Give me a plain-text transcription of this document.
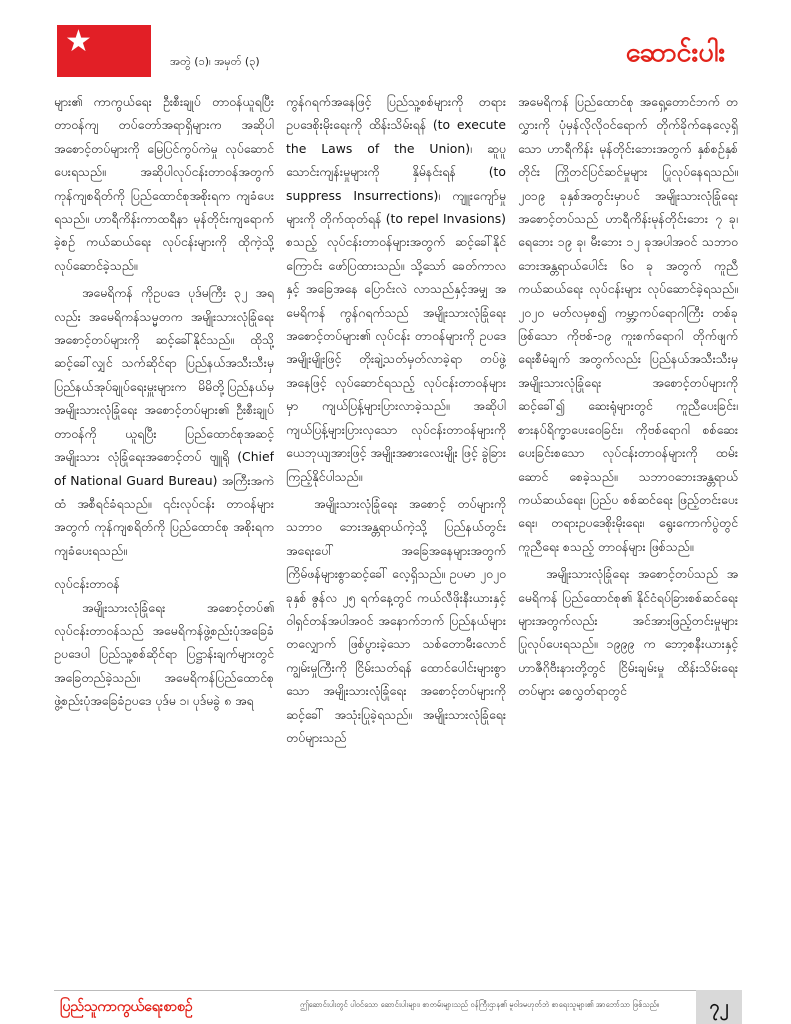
★
အတွဲ (၁)၊ အမှတ် (၃)	ဆောင်းပါး

များ၏ ကာကွယ်ရေး ဦးစီးချုပ် တာဝန်ယူရပြီး တာဝန်ကျ တပ်တော်အရာရှိများက အဆိုပါအစောင့်တပ်များကို မြေပြင်ကွပ်ကဲမှု လုပ်ဆောင်ပေးရသည်။ အဆိုပါလုပ်ငန်းတာဝန်အတွက် ကုန်ကျစရိတ်ကို ပြည်ထောင်စုအစိုးရက ကျခံပေးရသည်။ ဟာရီကိန်းကာထရီနာ မုန်တိုင်းကျရောက်ခဲ့စဉ် ကယ်ဆယ်ရေး လုပ်ငန်းများကို ထိုကဲ့သို့ လုပ်ဆောင်ခဲ့သည်။

အမေရိကန် ကိုဥပဒေ ပုဒ်မကြီး ၃၂ အရလည်း အမေရိကန်သမ္မတက အမျိုးသားလုံခြုံရေး အစောင့်တပ်များကို ဆင့်ခေါ်နိုင်သည်။ ထိုသို့ဆင့်ခေါ်လျှင် သက်ဆိုင်ရာ ပြည်နယ်အသီးသီးမှ ပြည်နယ်အုပ်ချုပ်ရေးမှူးများက မိမိတို့ပြည်နယ်မှ အမျိုးသားလုံခြုံရေး အစောင့်တပ်များ၏ ဦးစီးချုပ်တာဝန်ကို ယူရပြီး ပြည်ထောင်စုအဆင့် အမျိုးသား လုံခြုံရေးအစောင့်တပ် ဗျူရို (Chief of National Guard Bureau) အကြီးအကဲထံ အစီရင်ခံရသည်။ ၎င်းလုပ်ငန်း တာဝန်များအတွက် ကုန်ကျစရိတ်ကို ပြည်ထောင်စု အစိုးရက ကျခံပေးရသည်။

လုပ်ငန်းတာဝန်

အမျိုးသားလုံခြုံရေး အစောင့်တပ်၏ လုပ်ငန်းတာဝန်သည် အမေရိကန်ဖွဲ့စည်းပုံအခြေခံဥပဒေပါ ပြည်သူ့စစ်ဆိုင်ရာ ပြဋ္ဌာန်းချက်များတွင် အခြေတည်ခဲ့သည်။ အမေရိကန်ပြည်ထောင်စုဖွဲ့စည်းပုံအခြေခံဥပဒေ ပုဒ်မ ၁၊ ပုဒ်မခွဲ ၈ အရ

ကွန်ဂရက်အနေဖြင့် ပြည်သူ့စစ်များကို တရားဥပဒေစိုးမိုးရေးကို ထိန်းသိမ်းရန် (to execute the Laws of the Union)၊ ဆူပူ သောင်းကျန်းမှုများကို နှိမ်နင်းရန် (to suppress Insurrections)၊ ကျူးကျော်မှုများကို တိုက်ထုတ်ရန် (to repel Invasions) စသည့် လုပ်ငန်းတာဝန်များအတွက် ဆင့်ခေါ်နိုင်ကြောင်း ဖော်ပြထားသည်။ သို့သော် ခေတ်ကာလနှင့် အခြေအနေ ပြောင်းလဲ လာသည်နှင့်အမျှ အမေရိကန် ကွန်ဂရက်သည် အမျိုးသားလုံခြုံရေး အစောင့်တပ်များ၏ လုပ်ငန်း တာဝန်များကို ဥပဒေ အမျိုးမျိုးဖြင့် တိုးချဲ့သတ်မှတ်လာခဲ့ရာ တပ်ဖွဲ့ အနေဖြင့် လုပ်ဆောင်ရသည့် လုပ်ငန်းတာဝန်များမှာ ကျယ်ပြန့်များပြားလာခဲ့သည်။ အဆိုပါ ကျယ်ပြန့်များပြားလှသော လုပ်ငန်းတာဝန်များကို ယေဘုယျအားဖြင့် အမျိုးအစားလေးမျိုး ဖြင့် ခွဲခြား ကြည့်နိုင်ပါသည်။

အမျိုးသားလုံခြုံရေး အစောင့် တပ်များကို သဘာဝ ဘေးအန္တရာယ်ကဲ့သို့ ပြည်နယ်တွင်းအရေးပေါ် အခြေအနေများအတွက် ကြိမ်ဖန်များစွာဆင့်ခေါ် လေ့ရှိသည်။ ဥပမာ ၂၀၂၀ ခုနှစ် ဇွန်လ ၂၅ ရက်နေ့တွင် ကယ်လီဖိုးနီးယားနှင့် ဝါရှင်တန်အပါအဝင် အနောက်ဘက် ပြည်နယ်များ တလျှောက် ဖြစ်ပွားခဲ့သော သစ်တောမီးလောင်ကျွမ်းမှုကြီးကို ငြိမ်းသတ်ရန် ထောင်ပေါင်းများစွာသော အမျိုးသားလုံခြုံရေး အစောင့်တပ်များကို ဆင့်ခေါ် အသုံးပြုခဲ့ရသည်။ အမျိုးသားလုံခြုံရေး တပ်များသည်

အမေရိကန် ပြည်ထောင်စု အရှေ့တောင်ဘက် တလွှားကို ပုံမှန်လိုလိုဝင်ရောက် တိုက်ခိုက်နေလေ့ရှိသော ဟာရီကိန်း မုန်တိုင်းဘေးအတွက် နှစ်စဉ်နှစ်တိုင်း ကြိုတင်ပြင်ဆင်မှုများ ပြုလုပ်နေရသည်။ ၂၀၁၉ ခုနှစ်အတွင်းမှာပင် အမျိုးသားလုံခြုံရေး အစောင့်တပ်သည် ဟာရီကိန်းမုန်တိုင်းဘေး ၇ ခု၊ ရေဘေး ၁၉ ခု၊ မီးဘေး ၁၂ ခုအပါအဝင် သဘာဝဘေးအန္တရာယ်ပေါင်း ၆၀ ခု အတွက် ကူညီကယ်ဆယ်ရေး လုပ်ငန်းများ လုပ်ဆောင်ခဲ့ရသည်။ ၂၀၂၀ မတ်လမှစ၍ ကမ္ဘာ့ကပ်ရောဂါကြီး တစ်ခုဖြစ်သော ကိုဗစ်-၁၉ ကူးစက်ရောဂါ တိုက်ဖျက်ရေးစီမံချက် အတွက်လည်း ပြည်နယ်အသီးသီးမှ အမျိုးသားလုံခြုံရေး အစောင့်တပ်များကို ဆင့်ခေါ်၍ ဆေးရုံများတွင် ကူညီပေးခြင်း၊ စားနပ်ရိက္ခာပေးဝေခြင်း၊ ကိုဗစ်ရောဂါ စစ်ဆေး ပေးခြင်းစသော လုပ်ငန်းတာဝန်များကို ထမ်းဆောင် စေခဲ့သည်။ သဘာဝဘေးအန္တရာယ် ကယ်ဆယ်ရေး၊ ပြည်ပ စစ်ဆင်ရေး ဖြည့်တင်းပေးရေး၊ တရားဥပဒေစိုးမိုးရေး၊ ရွေးကောက်ပွဲတွင် ကူညီရေး စသည့် တာဝန်များ ဖြစ်သည်။

အမျိုးသားလုံခြုံရေး အစောင့်တပ်သည် အမေရိကန် ပြည်ထောင်စု၏ နိုင်ငံရပ်ခြားစစ်ဆင်ရေးများအတွက်လည်း အင်အားဖြည့်တင်းမှုများ ပြုလုပ်ပေးရသည်။ ၁၉၉၉ က ဘော့စနီးယားနှင့် ဟာဇီဂိုဗီးနားတို့တွင် ငြိမ်းချမ်းမှု ထိန်းသိမ်းရေးတပ်များ စေလွှတ်ရာတွင်

ပြည်သူကာကွယ်ရေးစာစဉ်	ဤဆောင်းပါးတွင် ပါဝင်သော ဆောင်းပါးများ၊ စာတမ်းများသည် ဝန်ကြီးဌာန၏ မူဝါဒမဟုတ်ဘဲ စာရေးသူများ၏ အာဘော်သာ ဖြစ်သည်။	၇၂
